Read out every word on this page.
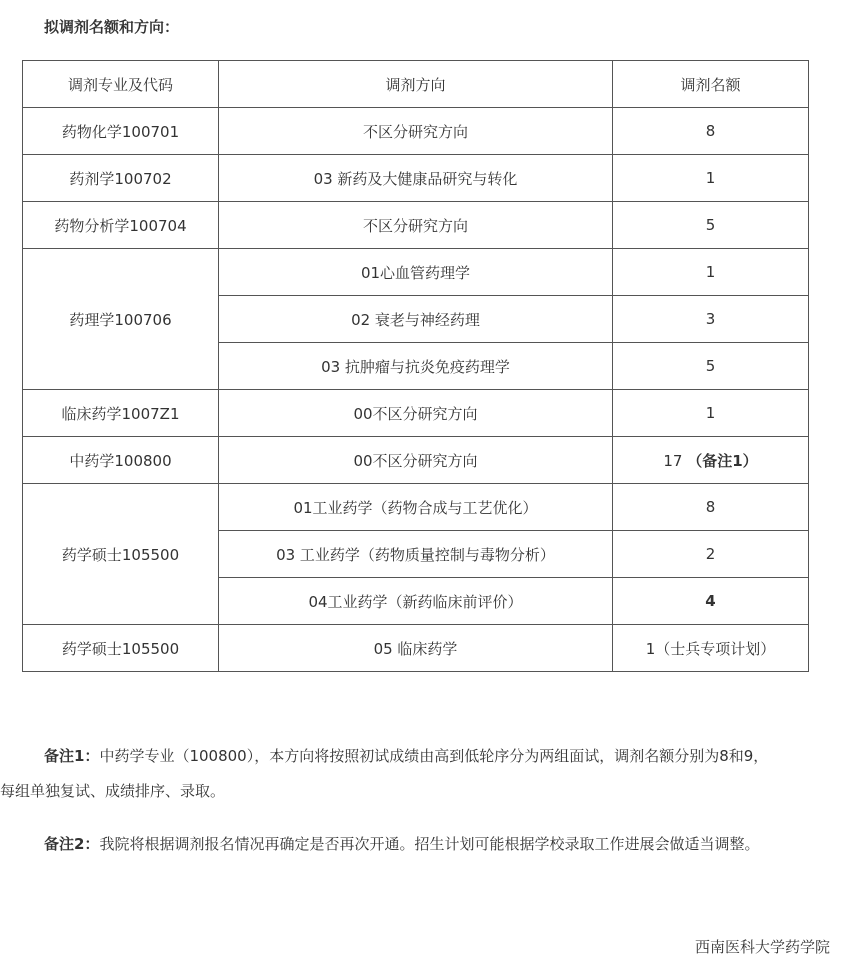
拟调剂名额和方向：
调剂专业及代码	调剂方向	调剂名额
药物化学100701	不区分研究方向	8
药剂学100702	03 新药及大健康品研究与转化	1
药物分析学100704	不区分研究方向	5
药理学100706	01心血管药理学	1
	02 衰老与神经药理	3
	03 抗肿瘤与抗炎免疫药理学	5
临床药学1007Z1	00不区分研究方向	1
中药学100800	00不区分研究方向	17 （备注1）
药学硕士105500	01工业药学（药物合成与工艺优化）	8
	03 工业药学（药物质量控制与毒物分析）	2
	04工业药学（新药临床前评价）	4
药学硕士105500	05 临床药学	1（士兵专项计划）
备注1：中药学专业（100800），本方向将按照初试成绩由高到低轮序分为两组面试，调剂名额分别为8和9，
每组单独复试、成绩排序、录取。
备注2：我院将根据调剂报名情况再确定是否再次开通。招生计划可能根据学校录取工作进展会做适当调整。
西南医科大学药学院
